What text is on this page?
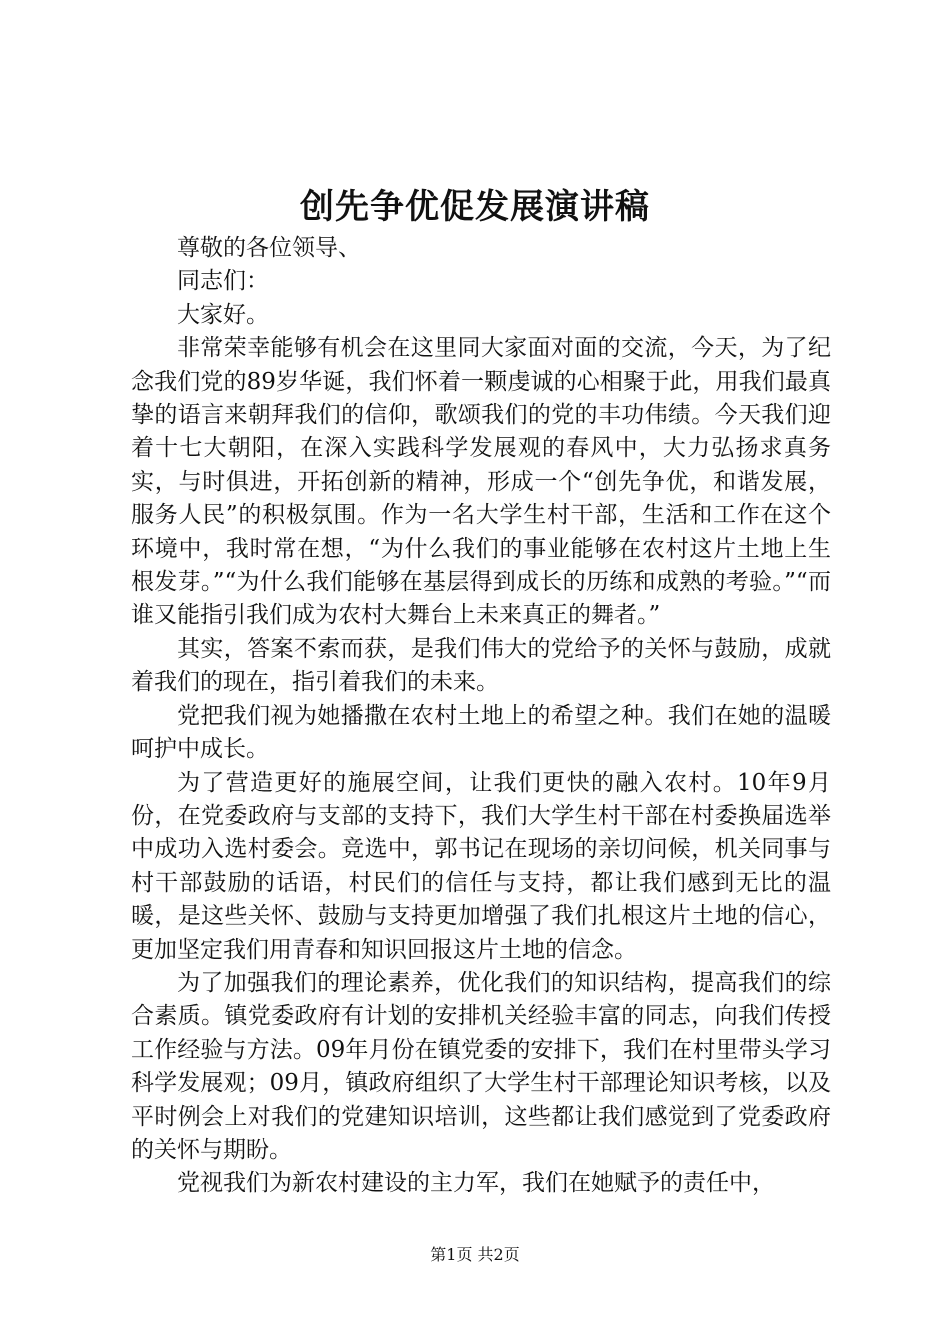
创先争优促发展演讲稿

尊敬的各位领导、

同志们：

大家好。

非常荣幸能够有机会在这里同大家面对面的交流，今天，为了纪念我们党的89岁华诞，我们怀着一颗虔诚的心相聚于此，用我们最真挚的语言来朝拜我们的信仰，歌颂我们的党的丰功伟绩。今天我们迎着十七大朝阳，在深入实践科学发展观的春风中，大力弘扬求真务实，与时俱进，开拓创新的精神，形成一个“创先争优，和谐发展，服务人民”的积极氛围。作为一名大学生村干部，生活和工作在这个环境中，我时常在想，“为什么我们的事业能够在农村这片土地上生根发芽。”“为什么我们能够在基层得到成长的历练和成熟的考验。”“而谁又能指引我们成为农村大舞台上未来真正的舞者。”

其实，答案不索而获，是我们伟大的党给予的关怀与鼓励，成就着我们的现在，指引着我们的未来。

党把我们视为她播撒在农村土地上的希望之种。我们在她的温暖呵护中成长。

为了营造更好的施展空间，让我们更快的融入农村。10年9月份，在党委政府与支部的支持下，我们大学生村干部在村委换届选举中成功入选村委会。竞选中，郭书记在现场的亲切问候，机关同事与村干部鼓励的话语，村民们的信任与支持，都让我们感到无比的温暖，是这些关怀、鼓励与支持更加增强了我们扎根这片土地的信心，更加坚定我们用青春和知识回报这片土地的信念。

为了加强我们的理论素养，优化我们的知识结构，提高我们的综合素质。镇党委政府有计划的安排机关经验丰富的同志，向我们传授工作经验与方法。09年月份在镇党委的安排下，我们在村里带头学习科学发展观；09月，镇政府组织了大学生村干部理论知识考核，以及平时例会上对我们的党建知识培训，这些都让我们感觉到了党委政府的关怀与期盼。

党视我们为新农村建设的主力军，我们在她赋予的责任中，

第1页 共2页
